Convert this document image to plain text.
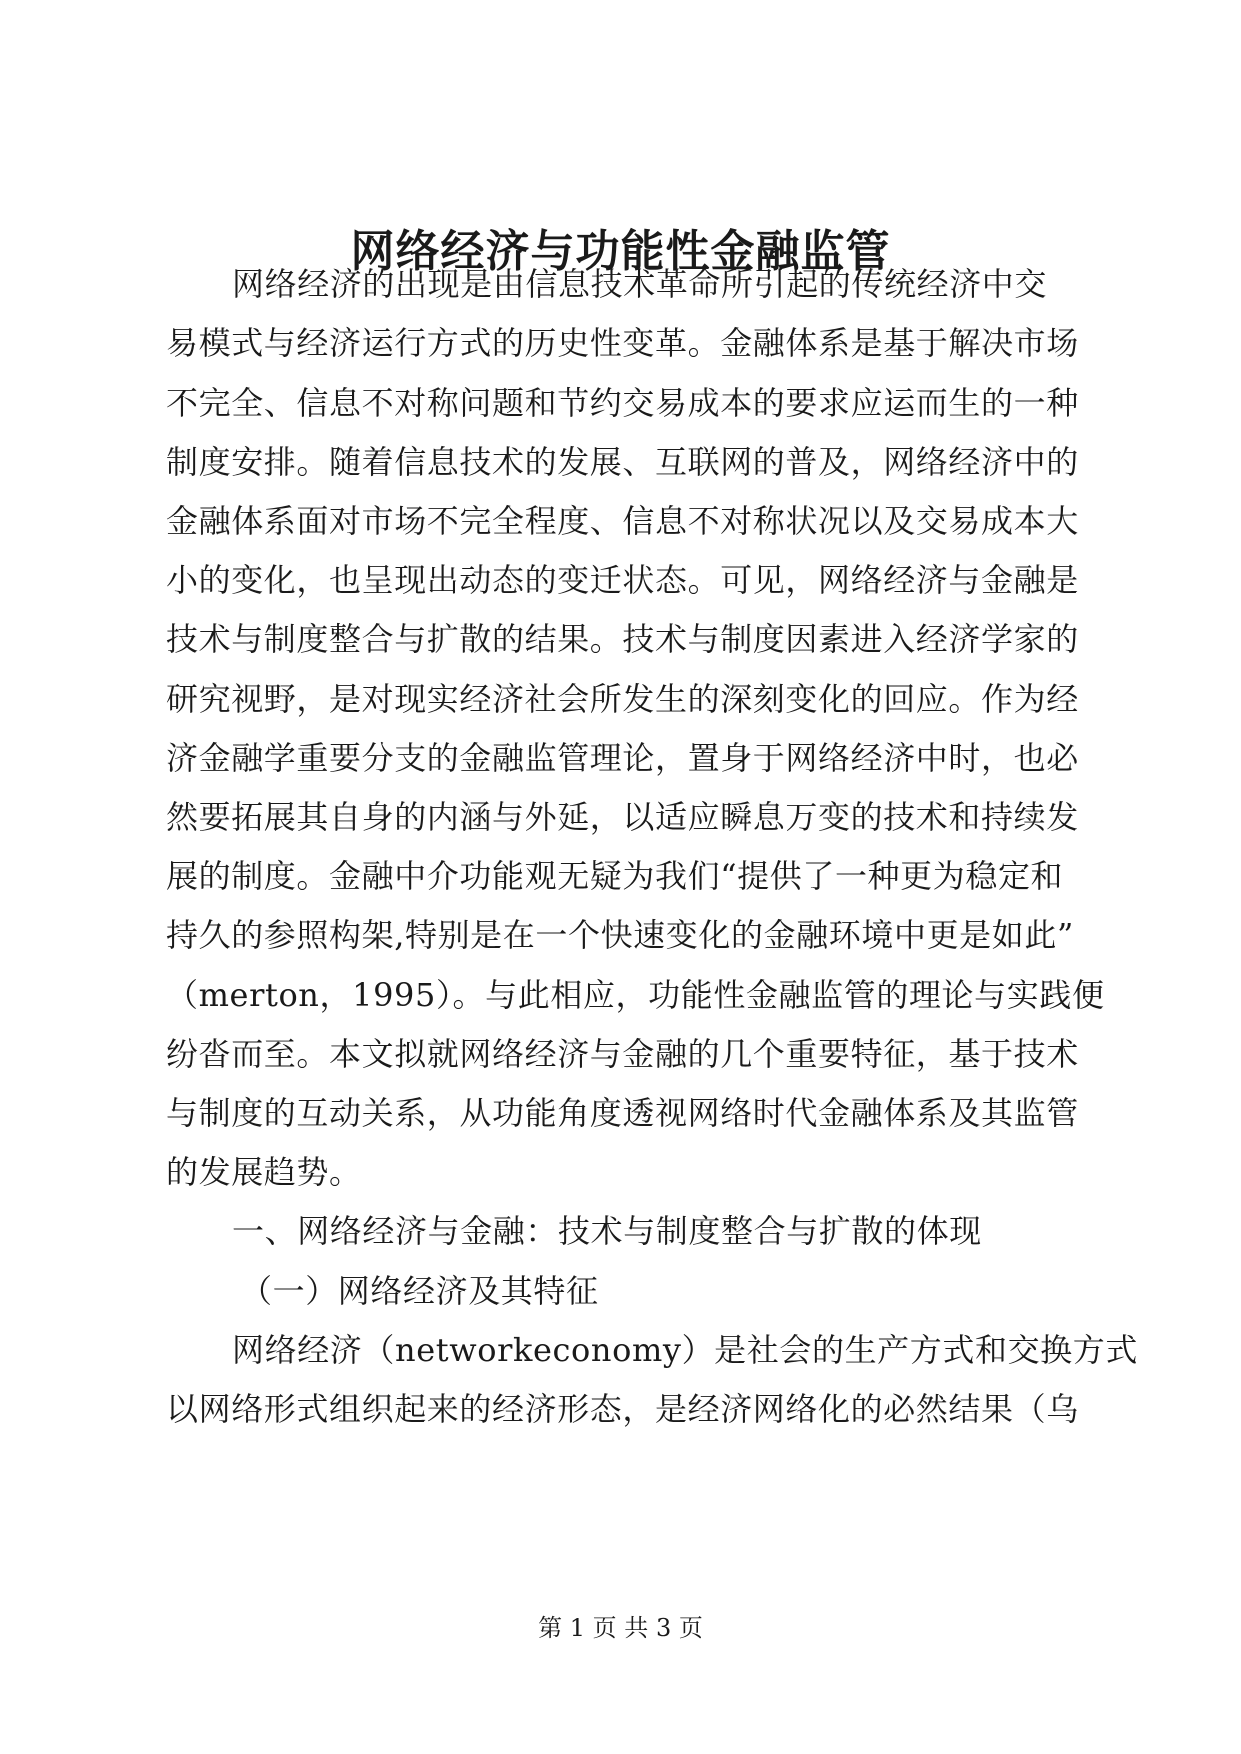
网络经济与功能性金融监管
网络经济的出现是由信息技术革命所引起的传统经济中交
易模式与经济运行方式的历史性变革。金融体系是基于解决市场
不完全、信息不对称问题和节约交易成本的要求应运而生的一种
制度安排。随着信息技术的发展、互联网的普及，网络经济中的
金融体系面对市场不完全程度、信息不对称状况以及交易成本大
小的变化，也呈现出动态的变迁状态。可见，网络经济与金融是
技术与制度整合与扩散的结果。技术与制度因素进入经济学家的
研究视野，是对现实经济社会所发生的深刻变化的回应。作为经
济金融学重要分支的金融监管理论，置身于网络经济中时，也必
然要拓展其自身的内涵与外延，以适应瞬息万变的技术和持续发
展的制度。金融中介功能观无疑为我们“提供了一种更为稳定和
持久的参照构架,特别是在一个快速变化的金融环境中更是如此”
（merton，1995）。与此相应，功能性金融监管的理论与实践便
纷沓而至。本文拟就网络经济与金融的几个重要特征，基于技术
与制度的互动关系，从功能角度透视网络时代金融体系及其监管
的发展趋势。
一、网络经济与金融：技术与制度整合与扩散的体现
（一）网络经济及其特征
网络经济（networkeconomy）是社会的生产方式和交换方式
以网络形式组织起来的经济形态，是经济网络化的必然结果（乌
第 1 页 共 3 页
